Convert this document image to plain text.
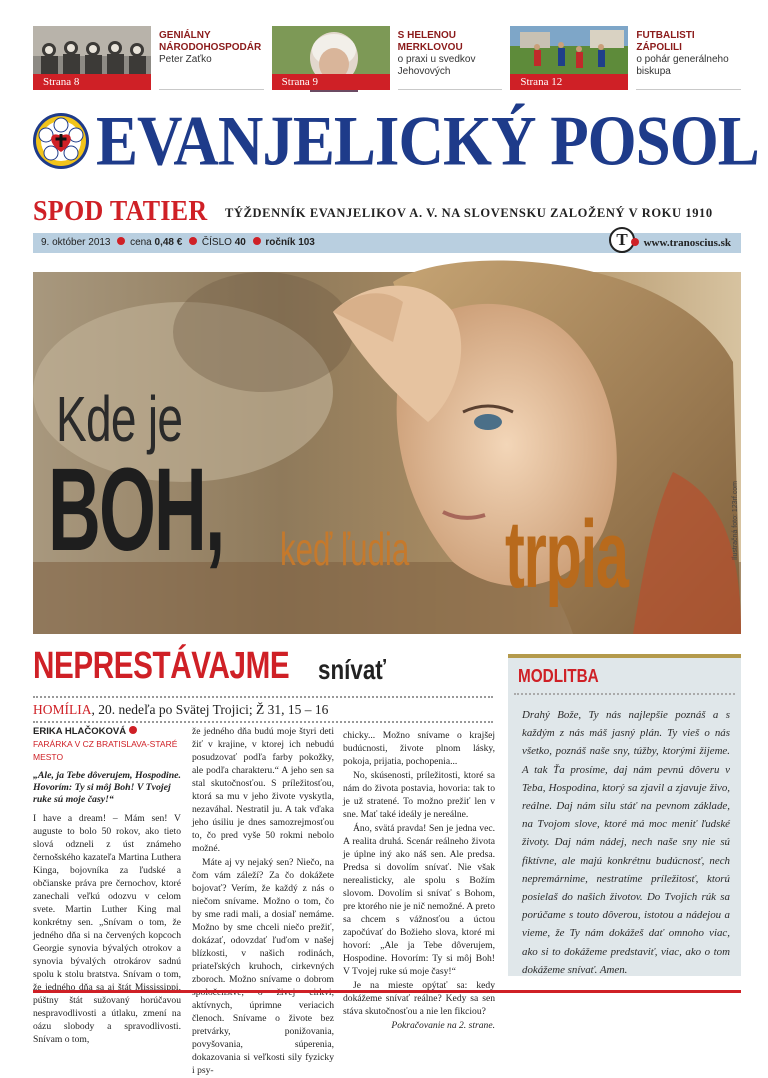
Strana 8
GENIÁLNY NÁRODOHOSPODÁR
Peter Zaťko
Strana 9
S HELENOU MERKLOVOU
o praxi u svedkov Jehovových
Strana 12
FUTBALISTI ZÁPOLILI
o pohár generálneho biskupa
EVANJELICKÝ POSOL
SPOD TATIER TÝŽDENNÍK EVANJELIKOV A. V. NA SLOVENSKU ZALOŽENÝ V ROKU 1910
9. október 2013 cena 0,48 € ČÍSLO 40 ročník 103	T	www.tranoscius.sk
Kde je
BOH, keď ľudia trpia	Ilustračná foto: 123rf.com
NEPRESTÁVAJME snívať
HOMÍLIA, 20. nedeľa po Svätej Trojici; Ž 31, 15 – 16
ERIKA HLAČOKOVÁ
FARÁRKA V CZ BRATISLAVA-STARÉ MESTO
„Ale, ja Tebe dôverujem, Hospodine. Hovorím: Ty si môj Boh! V Tvojej ruke sú moje časy!“

I have a dream! – Mám sen! V auguste to bolo 50 rokov, ako tieto slová odzneli z úst známeho černošského kazateľa Martina Luthera Kinga, bojovníka za ľudské a občianske práva pre černochov, ktoré zanechali veľkú odozvu v celom svete. Martin Luther King mal konkrétny sen. „Snívam o tom, že jedného dňa si na červených kopcoch Georgie synovia bývalých otrokov a synovia bývalých otrokárov sadnú spolu k stolu bratstva. Snívam o tom, že jedného dňa sa aj štát Mississippi, púštny štát sužovaný horúčavou nespravodlivosti a útlaku, zmení na oázu slobody a spravodlivosti. Snívam o tom,

že jedného dňa budú moje štyri deti žiť v krajine, v ktorej ich nebudú posudzovať podľa farby pokožky, ale podľa charakteru.“ A jeho sen sa stal skutočnosťou. S príležitosťou, ktorá sa mu v jeho živote vyskytla, nezaváhal. Nestratil ju. A tak vďaka jeho úsiliu je dnes samozrejmosťou to, čo pred vyše 50 rokmi nebolo možné.

Máte aj vy nejaký sen? Niečo, na čom vám záleží? Za čo dokážete bojovať? Verím, že každý z nás o niečom snívame. Možno o tom, čo by sme radi mali, a dosiaľ nemáme. Možno by sme chceli niečo prežiť, dokázať, odovzdať ľuďom v našej blízkosti, v našich rodinách, priateľských kruhoch, cirkevných zboroch. Možno snívame o dobrom spoločenstve, o živej cirkvi, aktívnych, úprimne veriacich členoch. Snívame o živote bez pretvárky, ponižovania, povyšovania, súperenia, dokazovania si veľkosti sily fyzicky i psy-

chicky... Možno snívame o krajšej budúcnosti, živote plnom lásky, pokoja, prijatia, pochopenia...

No, skúsenosti, príležitosti, ktoré sa nám do života postavia, hovoria: tak to je už stratené. To možno prežiť len v sne. Mať také ideály je nereálne.

Áno, svätá pravda! Sen je jedna vec. A realita druhá. Scenár reálneho života je úplne iný ako náš sen. Ale predsa. Predsa si dovolím snívať. Nie však nerealisticky, ale spolu s Božím slovom. Dovolím si snívať s Bohom, pre ktorého nie je nič nemožné. A preto sa chcem s vážnosťou a úctou započúvať do Božieho slova, ktoré mi hovorí: „Ale ja Tebe dôverujem, Hospodine. Hovorím: Ty si môj Boh! V Tvojej ruke sú moje časy!“

Je na mieste opýtať sa: kedy dokážeme snívať reálne? Kedy sa sen stáva skutočnosťou a nie len fikciou?

Pokračovanie na 2. strane.

MODLITBA
Drahý Bože, Ty nás najlepšie poznáš a s každým z nás máš jasný plán. Ty vieš o nás všetko, poznáš naše sny, túžby, ktorými žijeme. A tak Ťa prosíme, daj nám pevnú dôveru v Teba, Hospodina, ktorý sa zjavil a zjavuje živo, reálne. Daj nám silu stáť na pevnom základe, na Tvojom slove, ktoré má moc meniť ľudské životy. Daj nám nádej, nech naše sny nie sú fiktívne, ale majú konkrétnu budúcnosť, nech nepremárnime, nestratíme príležitosť, ktorú posielaš do našich životov. Do Tvojich rúk sa porúčame s touto dôverou, istotou a nádejou a vieme, že Ty nám dokážeš dať omnoho viac, ako si to dokážeme predstaviť, viac, ako o tom dokážeme snívať. Amen.
